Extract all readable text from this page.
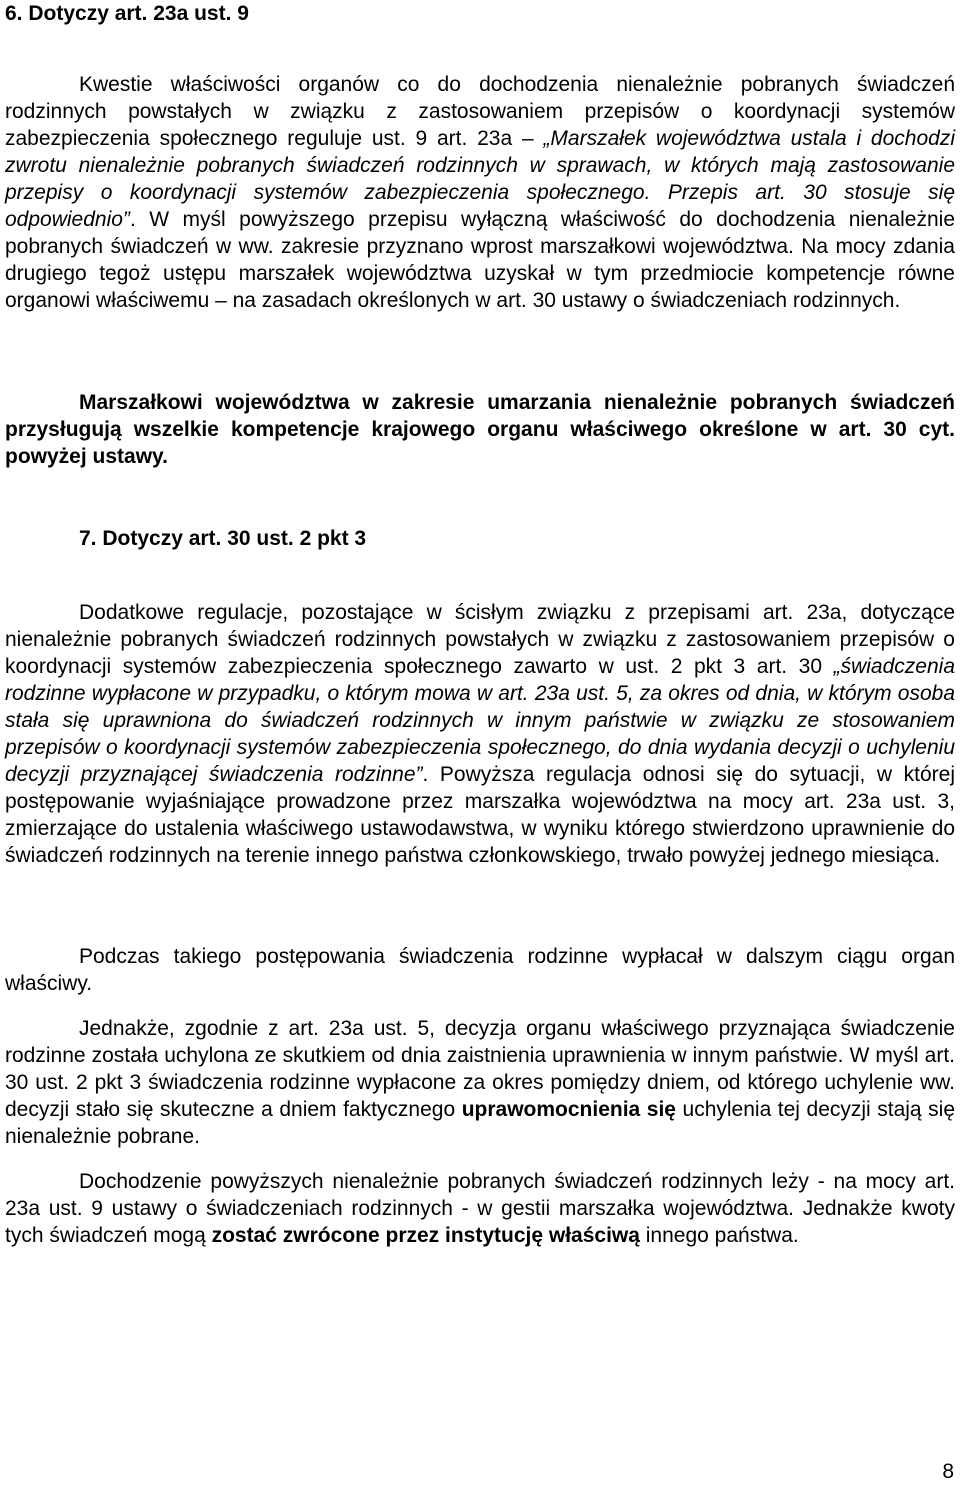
6. Dotyczy art. 23a ust. 9

Kwestie właściwości organów co do dochodzenia nienależnie pobranych świadczeń rodzinnych powstałych w związku z zastosowaniem przepisów o koordynacji systemów zabezpieczenia społecznego reguluje ust. 9 art. 23a – „Marszałek województwa ustala i dochodzi zwrotu nienależnie pobranych świadczeń rodzinnych w sprawach, w których mają zastosowanie przepisy o koordynacji systemów zabezpieczenia społecznego. Przepis art. 30 stosuje się odpowiednio”. W myśl powyższego przepisu wyłączną właściwość do dochodzenia nienależnie pobranych świadczeń w ww. zakresie przyznano wprost marszałkowi województwa. Na mocy zdania drugiego tegoż ustępu marszałek województwa uzyskał w tym przedmiocie kompetencje równe organowi właściwemu – na zasadach określonych w art. 30 ustawy o świadczeniach rodzinnych.

Marszałkowi województwa w zakresie umarzania nienależnie pobranych świadczeń przysługują wszelkie kompetencje krajowego organu właściwego określone w art. 30 cyt. powyżej ustawy.

7. Dotyczy art. 30 ust. 2 pkt 3

Dodatkowe regulacje, pozostające w ścisłym związku z przepisami art. 23a, dotyczące nienależnie pobranych świadczeń rodzinnych powstałych w związku z zastosowaniem przepisów o koordynacji systemów zabezpieczenia społecznego zawarto w ust. 2 pkt 3 art. 30 „świadczenia rodzinne wypłacone w przypadku, o którym mowa w art. 23a ust. 5, za okres od dnia, w którym osoba stała się uprawniona do świadczeń rodzinnych w innym państwie w związku ze stosowaniem przepisów o koordynacji systemów zabezpieczenia społecznego, do dnia wydania decyzji o uchyleniu decyzji przyznającej świadczenia rodzinne”. Powyższa regulacja odnosi się do sytuacji, w której postępowanie wyjaśniające prowadzone przez marszałka województwa na mocy art. 23a ust. 3, zmierzające do ustalenia właściwego ustawodawstwa, w wyniku którego stwierdzono uprawnienie do świadczeń rodzinnych na terenie innego państwa członkowskiego, trwało powyżej jednego miesiąca.

Podczas takiego postępowania świadczenia rodzinne wypłacał w dalszym ciągu organ właściwy.

Jednakże, zgodnie z art. 23a ust. 5, decyzja organu właściwego przyznająca świadczenie rodzinne została uchylona ze skutkiem od dnia zaistnienia uprawnienia w innym państwie. W myśl art. 30 ust. 2 pkt 3 świadczenia rodzinne wypłacone za okres pomiędzy dniem, od którego uchylenie ww. decyzji stało się skuteczne a dniem faktycznego uprawomocnienia się uchylenia tej decyzji stają się nienależnie pobrane.

Dochodzenie powyższych nienależnie pobranych świadczeń rodzinnych leży - na mocy art. 23a ust. 9 ustawy o świadczeniach rodzinnych - w gestii marszałka województwa. Jednakże kwoty tych świadczeń mogą zostać zwrócone przez instytucję właściwą innego państwa.

8
